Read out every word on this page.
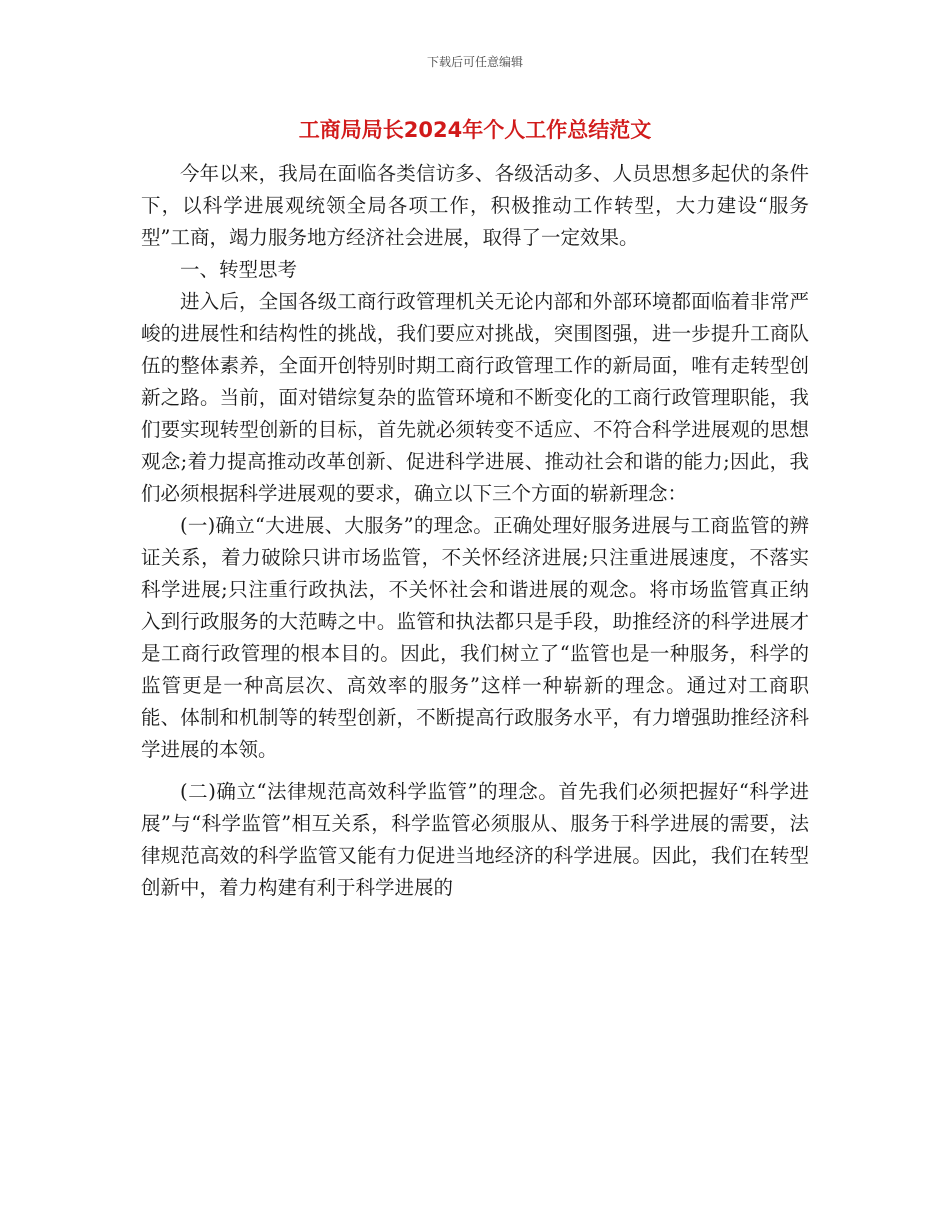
下载后可任意编辑
工商局局长2024年个人工作总结范文

今年以来，我局在面临各类信访多、各级活动多、人员思想多起伏的条件下，以科学进展观统领全局各项工作，积极推动工作转型，大力建设“服务型”工商，竭力服务地方经济社会进展，取得了一定效果。

一、转型思考

进入后，全国各级工商行政管理机关无论内部和外部环境都面临着非常严峻的进展性和结构性的挑战，我们要应对挑战，突围图强，进一步提升工商队伍的整体素养，全面开创特别时期工商行政管理工作的新局面，唯有走转型创新之路。当前，面对错综复杂的监管环境和不断变化的工商行政管理职能，我们要实现转型创新的目标，首先就必须转变不适应、不符合科学进展观的思想观念;着力提高推动改革创新、促进科学进展、推动社会和谐的能力;因此，我们必须根据科学进展观的要求，确立以下三个方面的崭新理念：

(一)确立“大进展、大服务”的理念。正确处理好服务进展与工商监管的辨证关系，着力破除只讲市场监管，不关怀经济进展;只注重进展速度，不落实科学进展;只注重行政执法，不关怀社会和谐进展的观念。将市场监管真正纳入到行政服务的大范畴之中。监管和执法都只是手段，助推经济的科学进展才是工商行政管理的根本目的。因此，我们树立了“监管也是一种服务，科学的监管更是一种高层次、高效率的服务”这样一种崭新的理念。通过对工商职能、体制和机制等的转型创新，不断提高行政服务水平，有力增强助推经济科学进展的本领。

(二)确立“法律规范高效科学监管”的理念。首先我们必须把握好“科学进展”与“科学监管”相互关系，科学监管必须服从、服务于科学进展的需要，法律规范高效的科学监管又能有力促进当地经济的科学进展。因此，我们在转型创新中，着力构建有利于科学进展的
